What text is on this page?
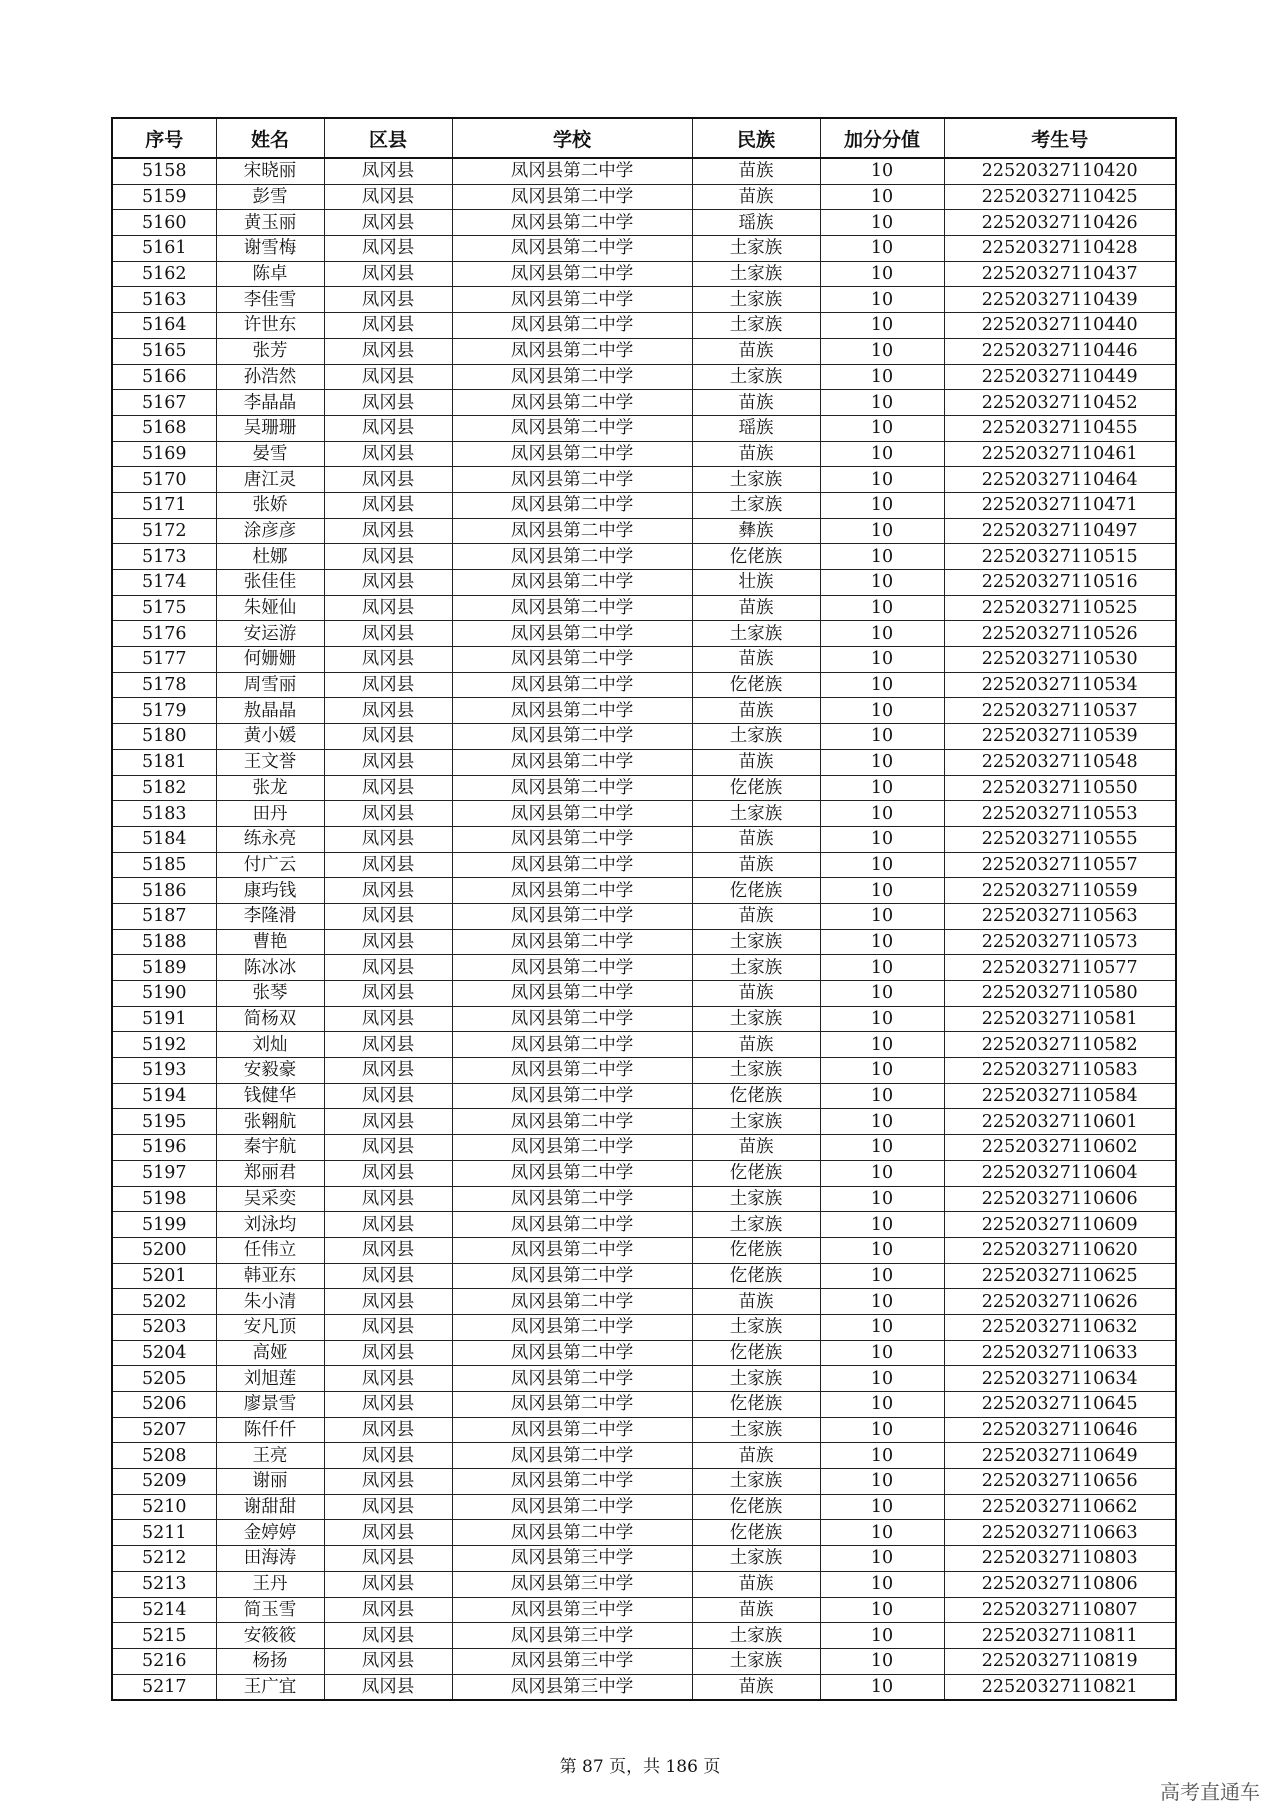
序号	姓名	区县	学校	民族	加分分值	考生号
5158	宋晓丽	凤冈县	凤冈县第二中学	苗族	10	22520327110420
5159	彭雪	凤冈县	凤冈县第二中学	苗族	10	22520327110425
5160	黄玉丽	凤冈县	凤冈县第二中学	瑶族	10	22520327110426
5161	谢雪梅	凤冈县	凤冈县第二中学	土家族	10	22520327110428
5162	陈卓	凤冈县	凤冈县第二中学	土家族	10	22520327110437
5163	李佳雪	凤冈县	凤冈县第二中学	土家族	10	22520327110439
5164	许世东	凤冈县	凤冈县第二中学	土家族	10	22520327110440
5165	张芳	凤冈县	凤冈县第二中学	苗族	10	22520327110446
5166	孙浩然	凤冈县	凤冈县第二中学	土家族	10	22520327110449
5167	李晶晶	凤冈县	凤冈县第二中学	苗族	10	22520327110452
5168	吴珊珊	凤冈县	凤冈县第二中学	瑶族	10	22520327110455
5169	晏雪	凤冈县	凤冈县第二中学	苗族	10	22520327110461
5170	唐江灵	凤冈县	凤冈县第二中学	土家族	10	22520327110464
5171	张娇	凤冈县	凤冈县第二中学	土家族	10	22520327110471
5172	涂彦彦	凤冈县	凤冈县第二中学	彝族	10	22520327110497
5173	杜娜	凤冈县	凤冈县第二中学	仡佬族	10	22520327110515
5174	张佳佳	凤冈县	凤冈县第二中学	壮族	10	22520327110516
5175	朱娅仙	凤冈县	凤冈县第二中学	苗族	10	22520327110525
5176	安运游	凤冈县	凤冈县第二中学	土家族	10	22520327110526
5177	何姗姗	凤冈县	凤冈县第二中学	苗族	10	22520327110530
5178	周雪丽	凤冈县	凤冈县第二中学	仡佬族	10	22520327110534
5179	敖晶晶	凤冈县	凤冈县第二中学	苗族	10	22520327110537
5180	黄小媛	凤冈县	凤冈县第二中学	土家族	10	22520327110539
5181	王文誉	凤冈县	凤冈县第二中学	苗族	10	22520327110548
5182	张龙	凤冈县	凤冈县第二中学	仡佬族	10	22520327110550
5183	田丹	凤冈县	凤冈县第二中学	土家族	10	22520327110553
5184	练永亮	凤冈县	凤冈县第二中学	苗族	10	22520327110555
5185	付广云	凤冈县	凤冈县第二中学	苗族	10	22520327110557
5186	康玙钱	凤冈县	凤冈县第二中学	仡佬族	10	22520327110559
5187	李隆滑	凤冈县	凤冈县第二中学	苗族	10	22520327110563
5188	曹艳	凤冈县	凤冈县第二中学	土家族	10	22520327110573
5189	陈冰冰	凤冈县	凤冈县第二中学	土家族	10	22520327110577
5190	张琴	凤冈县	凤冈县第二中学	苗族	10	22520327110580
5191	简杨双	凤冈县	凤冈县第二中学	土家族	10	22520327110581
5192	刘灿	凤冈县	凤冈县第二中学	苗族	10	22520327110582
5193	安毅豪	凤冈县	凤冈县第二中学	土家族	10	22520327110583
5194	钱健华	凤冈县	凤冈县第二中学	仡佬族	10	22520327110584
5195	张翱航	凤冈县	凤冈县第二中学	土家族	10	22520327110601
5196	秦宇航	凤冈县	凤冈县第二中学	苗族	10	22520327110602
5197	郑丽君	凤冈县	凤冈县第二中学	仡佬族	10	22520327110604
5198	吴采奕	凤冈县	凤冈县第二中学	土家族	10	22520327110606
5199	刘泳均	凤冈县	凤冈县第二中学	土家族	10	22520327110609
5200	任伟立	凤冈县	凤冈县第二中学	仡佬族	10	22520327110620
5201	韩亚东	凤冈县	凤冈县第二中学	仡佬族	10	22520327110625
5202	朱小清	凤冈县	凤冈县第二中学	苗族	10	22520327110626
5203	安凡顶	凤冈县	凤冈县第二中学	土家族	10	22520327110632
5204	高娅	凤冈县	凤冈县第二中学	仡佬族	10	22520327110633
5205	刘旭莲	凤冈县	凤冈县第二中学	土家族	10	22520327110634
5206	廖景雪	凤冈县	凤冈县第二中学	仡佬族	10	22520327110645
5207	陈仟仟	凤冈县	凤冈县第二中学	土家族	10	22520327110646
5208	王亮	凤冈县	凤冈县第二中学	苗族	10	22520327110649
5209	谢丽	凤冈县	凤冈县第二中学	土家族	10	22520327110656
5210	谢甜甜	凤冈县	凤冈县第二中学	仡佬族	10	22520327110662
5211	金婷婷	凤冈县	凤冈县第二中学	仡佬族	10	22520327110663
5212	田海涛	凤冈县	凤冈县第三中学	土家族	10	22520327110803
5213	王丹	凤冈县	凤冈县第三中学	苗族	10	22520327110806
5214	简玉雪	凤冈县	凤冈县第三中学	苗族	10	22520327110807
5215	安筱筱	凤冈县	凤冈县第三中学	土家族	10	22520327110811
5216	杨扬	凤冈县	凤冈县第三中学	土家族	10	22520327110819
5217	王广宜	凤冈县	凤冈县第三中学	苗族	10	22520327110821
第 87 页，共 186 页
高考直通车
